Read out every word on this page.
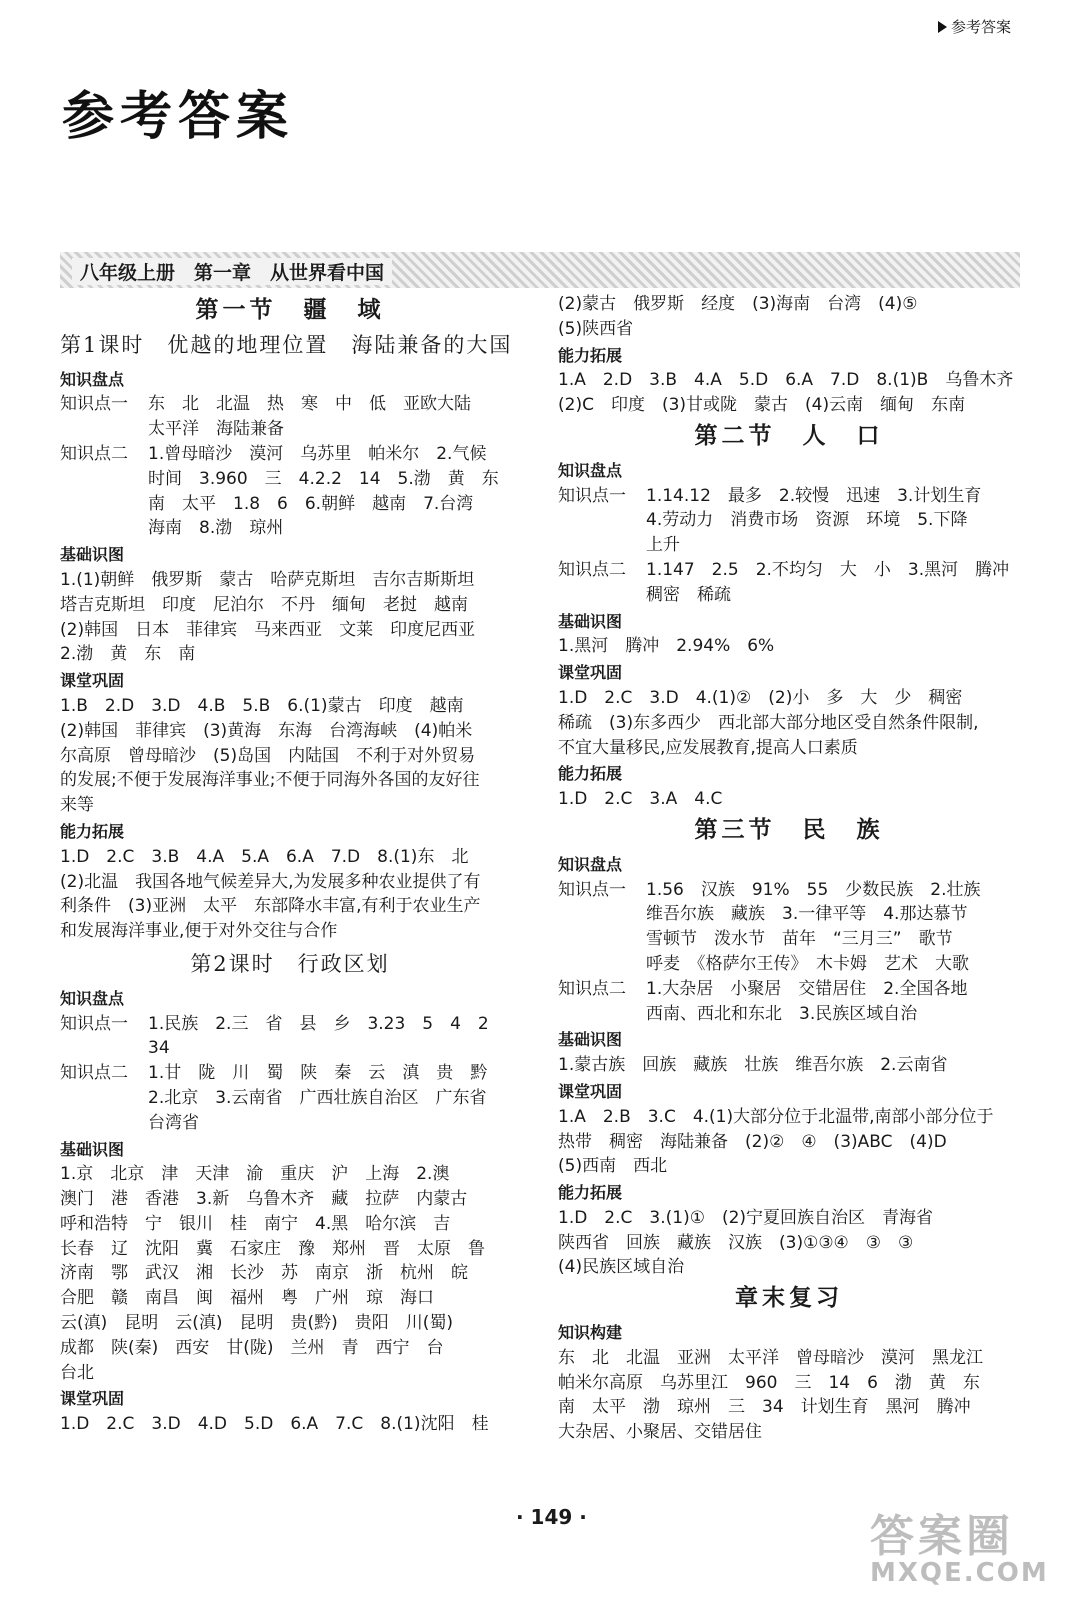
参考答案
参考答案
八年级上册　第一章　从世界看中国
第一节　疆　域
第1课时　优越的地理位置　海陆兼备的大国
知识盘点
知识点一	东　北　北温　热　寒　中　低　亚欧大陆

太平洋　海陆兼备

知识点二	1.曾母暗沙　漠河　乌苏里　帕米尔　2.气候

时间　3.960　三　4.2.2　14　5.渤　黄　东

南　太平　1.8　6　6.朝鲜　越南　7.台湾

海南　8.渤　琼州

基础识图

1.(1)朝鲜　俄罗斯　蒙古　哈萨克斯坦　吉尔吉斯斯坦

塔吉克斯坦　印度　尼泊尔　不丹　缅甸　老挝　越南

(2)韩国　日本　菲律宾　马来西亚　文莱　印度尼西亚

2.渤　黄　东　南

课堂巩固

1.B　2.D　3.D　4.B　5.B　6.(1)蒙古　印度　越南

(2)韩国　菲律宾　(3)黄海　东海　台湾海峡　(4)帕米

尔高原　曾母暗沙　(5)岛国　内陆国　不利于对外贸易

的发展;不便于发展海洋事业;不便于同海外各国的友好往

来等

能力拓展

1.D　2.C　3.B　4.A　5.A　6.A　7.D　8.(1)东　北

(2)北温　我国各地气候差异大,为发展多种农业提供了有

利条件　(3)亚洲　太平　东部降水丰富,有利于农业生产

和发展海洋事业,便于对外交往与合作

第2课时　行政区划
知识盘点
知识点一	1.民族　2.三　省　县　乡　3.23　5　4　2

34

知识点二	1.甘　陇　川　蜀　陕　秦　云　滇　贵　黔

2.北京　3.云南省　广西壮族自治区　广东省

台湾省

基础识图

1.京　北京　津　天津　渝　重庆　沪　上海　2.澳

澳门　港　香港　3.新　乌鲁木齐　藏　拉萨　内蒙古

呼和浩特　宁　银川　桂　南宁　4.黑　哈尔滨　吉

长春　辽　沈阳　冀　石家庄　豫　郑州　晋　太原　鲁

济南　鄂　武汉　湘　长沙　苏　南京　浙　杭州　皖

合肥　赣　南昌　闽　福州　粤　广州　琼　海口

云(滇)　昆明　云(滇)　昆明　贵(黔)　贵阳　川(蜀)

成都　陕(秦)　西安　甘(陇)　兰州　青　西宁　台

台北

课堂巩固

1.D　2.C　3.D　4.D　5.D　6.A　7.C　8.(1)沈阳　桂

(2)蒙古　俄罗斯　经度　(3)海南　台湾　(4)⑤

(5)陕西省

能力拓展

1.A　2.D　3.B　4.A　5.D　6.A　7.D　8.(1)B　乌鲁木齐

(2)C　印度　(3)甘或陇　蒙古　(4)云南　缅甸　东南

第二节　人　口
知识盘点
知识点一	1.14.12　最多　2.较慢　迅速　3.计划生育

4.劳动力　消费市场　资源　环境　5.下降

上升

知识点二	1.147　2.5　2.不均匀　大　小　3.黑河　腾冲

稠密　稀疏

基础识图

1.黑河　腾冲　2.94%　6%

课堂巩固

1.D　2.C　3.D　4.(1)②　(2)小　多　大　少　稠密

稀疏　(3)东多西少　西北部大部分地区受自然条件限制,

不宜大量移民,应发展教育,提高人口素质

能力拓展

1.D　2.C　3.A　4.C

第三节　民　族
知识盘点
知识点一	1.56　汉族　91%　55　少数民族　2.壮族

维吾尔族　藏族　3.一律平等　4.那达慕节

雪顿节　泼水节　苗年　“三月三”　歌节

呼麦　《格萨尔王传》　木卡姆　艺术　大歌

知识点二	1.大杂居　小聚居　交错居住　2.全国各地

西南、西北和东北　3.民族区域自治

基础识图

1.蒙古族　回族　藏族　壮族　维吾尔族　2.云南省

课堂巩固

1.A　2.B　3.C　4.(1)大部分位于北温带,南部小部分位于

热带　稠密　海陆兼备　(2)②　④　(3)ABC　(4)D

(5)西南　西北

能力拓展

1.D　2.C　3.(1)①　(2)宁夏回族自治区　青海省

陕西省　回族　藏族　汉族　(3)①③④　③　③

(4)民族区域自治

章末复习
知识构建

东　北　北温　亚洲　太平洋　曾母暗沙　漠河　黑龙江

帕米尔高原　乌苏里江　960　三　14　6　渤　黄　东

南　太平　渤　琼州　三　34　计划生育　黑河　腾冲

大杂居、小聚居、交错居住

· 149 ·	答案圈
MXQE.COM
